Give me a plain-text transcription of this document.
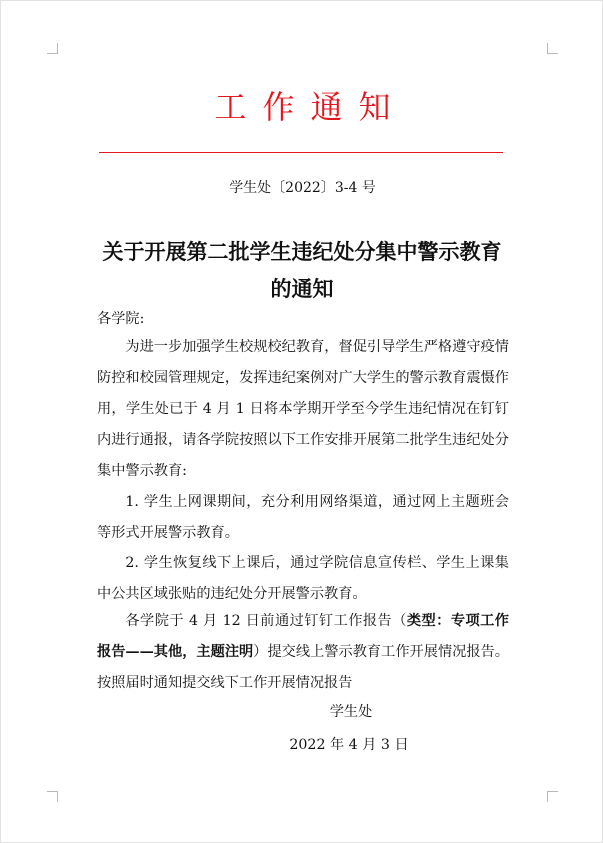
工作通知
学生处〔2022〕3-4 号
关于开展第二批学生违纪处分集中警示教育的通知
各学院:
为进一步加强学生校规校纪教育，督促引导学生严格遵守疫情防控和校园管理规定，发挥违纪案例对广大学生的警示教育震慑作用，学生处已于 4 月 1 日将本学期开学至今学生违纪情况在钉钉内进行通报，请各学院按照以下工作安排开展第二批学生违纪处分集中警示教育:
1. 学生上网课期间，充分利用网络渠道，通过网上主题班会等形式开展警示教育。
2. 学生恢复线下上课后，通过学院信息宣传栏、学生上课集中公共区域张贴的违纪处分开展警示教育。
各学院于 4 月 12 日前通过钉钉工作报告（类型：专项工作报告——其他，主题注明）提交线上警示教育工作开展情况报告。按照届时通知提交线下工作开展情况报告
学生处
2022 年 4 月 3 日
